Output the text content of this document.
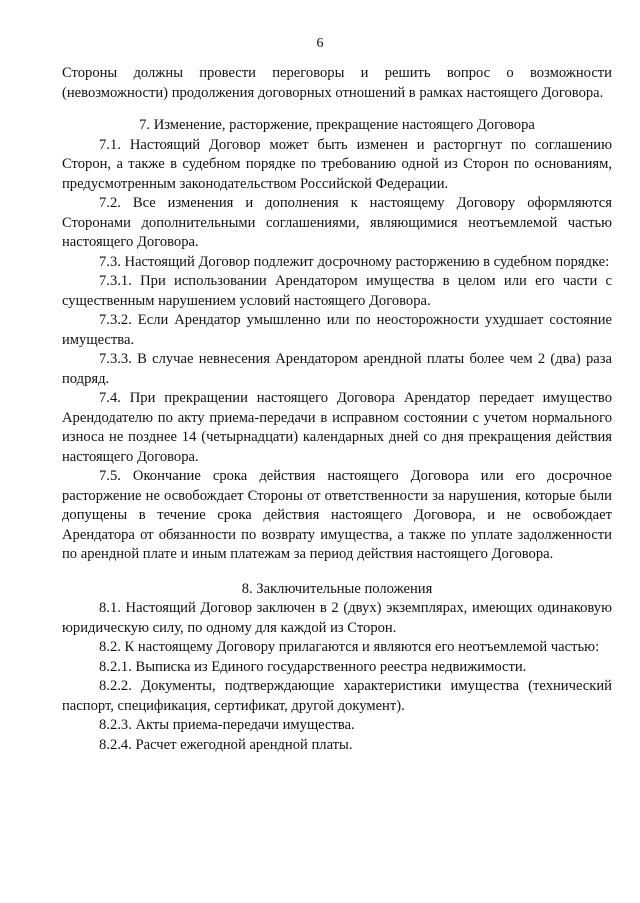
6

Стороны должны провести переговоры и решить вопрос о возможности (невозможности) продолжения договорных отношений в рамках настоящего Договора.

7. Изменение, расторжение, прекращение настоящего Договора

7.1. Настоящий Договор может быть изменен и расторгнут по соглашению Сторон, а также в судебном порядке по требованию одной из Сторон по основаниям, предусмотренным законодательством Российской Федерации.

7.2. Все изменения и дополнения к настоящему Договору оформляются Сторонами дополнительными соглашениями, являющимися неотъемлемой частью настоящего Договора.

7.3. Настоящий Договор подлежит досрочному расторжению в судебном порядке:

7.3.1. При использовании Арендатором имущества в целом или его части с существенным нарушением условий настоящего Договора.

7.3.2. Если Арендатор умышленно или по неосторожности ухудшает состояние имущества.

7.3.3. В случае невнесения Арендатором арендной платы более чем 2 (два) раза подряд.

7.4. При прекращении настоящего Договора Арендатор передает имущество Арендодателю по акту приема-передачи в исправном состоянии с учетом нормального износа не позднее 14 (четырнадцати) календарных дней со дня прекращения действия настоящего Договора.

7.5. Окончание срока действия настоящего Договора или его досрочное расторжение не освобождает Стороны от ответственности за нарушения, которые были допущены в течение срока действия настоящего Договора, и не освобождает Арендатора от обязанности по возврату имущества, а также по уплате задолженности по арендной плате и иным платежам за период действия настоящего Договора.

8. Заключительные положения

8.1. Настоящий Договор заключен в 2 (двух) экземплярах, имеющих одинаковую юридическую силу, по одному для каждой из Сторон.

8.2. К настоящему Договору прилагаются и являются его неотъемлемой частью:

8.2.1. Выписка из Единого государственного реестра недвижимости.

8.2.2. Документы, подтверждающие характеристики имущества (технический паспорт, спецификация, сертификат, другой документ).

8.2.3. Акты приема-передачи имущества.

8.2.4. Расчет ежегодной арендной платы.
